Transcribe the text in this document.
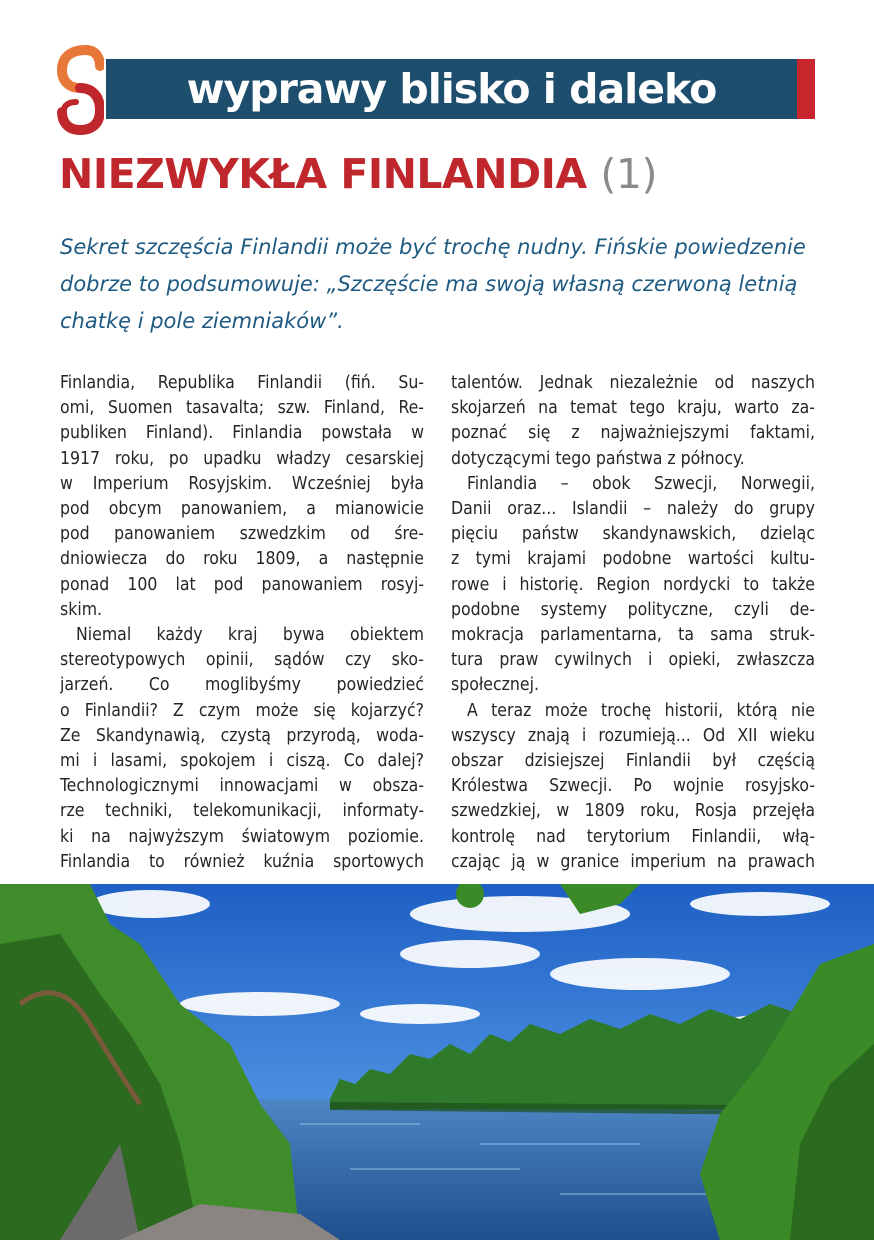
wyprawy blisko i daleko
NIEZWYKŁA FINLANDIA (1)

Sekret szczęścia Finlandii może być trochę nudny. Fińskie powiedzenie
dobrze to podsumowuje: „Szczęście ma swoją własną czerwoną letnią
chatkę i pole ziemniaków”.

Finlandia, Republika Finlandii (fiń. Su-
omi, Suomen tasavalta; szw. Finland, Re-
publiken Finland). Finlandia powstała w
1917 roku, po upadku władzy cesarskiej
w Imperium Rosyjskim. Wcześniej była
pod obcym panowaniem, a mianowicie
pod panowaniem szwedzkim od śre-
dniowiecza do roku 1809, a następnie
ponad 100 lat pod panowaniem rosyj-
skim.
Niemal każdy kraj bywa obiektem
stereotypowych opinii, sądów czy sko-
jarzeń. Co moglibyśmy powiedzieć
o Finlandii? Z czym może się kojarzyć?
Ze Skandynawią, czystą przyrodą, woda-
mi i lasami, spokojem i ciszą. Co dalej?
Technologicznymi innowacjami w obsza-
rze techniki, telekomunikacji, informaty-
ki na najwyższym światowym poziomie.
Finlandia to również kuźnia sportowych
talentów. Jednak niezależnie od naszych
skojarzeń na temat tego kraju, warto za-
poznać się z najważniejszymi faktami,
dotyczącymi tego państwa z północy.
Finlandia – obok Szwecji, Norwegii,
Danii oraz... Islandii – należy do grupy
pięciu państw skandynawskich, dzieląc
z tymi krajami podobne wartości kultu-
rowe i historię. Region nordycki to także
podobne systemy polityczne, czyli de-
mokracja parlamentarna, ta sama struk-
tura praw cywilnych i opieki, zwłaszcza
społecznej.
A teraz może trochę historii, którą nie
wszyscy znają i rozumieją... Od XII wieku
obszar dzisiejszej Finlandii był częścią
Królestwa Szwecji. Po wojnie rosyjsko-
szwedzkiej, w 1809 roku, Rosja przejęła
kontrolę nad terytorium Finlandii, włą-
czając ją w granice imperium na prawach
